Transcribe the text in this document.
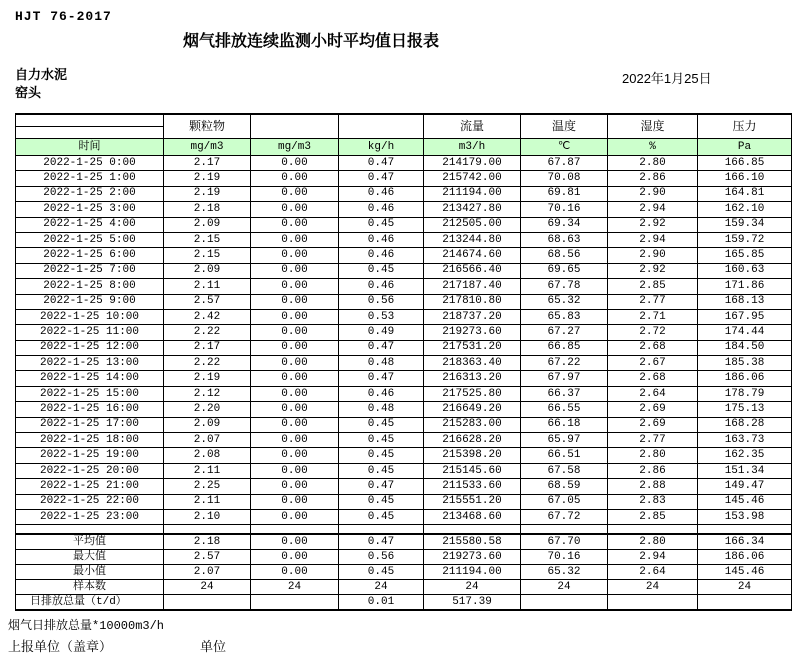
HJT 76-2017
烟气排放连续监测小时平均值日报表
自力水泥
窑头
2022年1月25日
	颗粒物			流量	温度	湿度	压力

时间	mg/m3	mg/m3	kg/h	m3/h	℃	%	Pa
2022-1-25 0:00	2.17	0.00	0.47	214179.00	67.87	2.80	166.85
2022-1-25 1:00	2.19	0.00	0.47	215742.00	70.08	2.86	166.10
2022-1-25 2:00	2.19	0.00	0.46	211194.00	69.81	2.90	164.81
2022-1-25 3:00	2.18	0.00	0.46	213427.80	70.16	2.94	162.10
2022-1-25 4:00	2.09	0.00	0.45	212505.00	69.34	2.92	159.34
2022-1-25 5:00	2.15	0.00	0.46	213244.80	68.63	2.94	159.72
2022-1-25 6:00	2.15	0.00	0.46	214674.60	68.56	2.90	165.85
2022-1-25 7:00	2.09	0.00	0.45	216566.40	69.65	2.92	160.63
2022-1-25 8:00	2.11	0.00	0.46	217187.40	67.78	2.85	171.86
2022-1-25 9:00	2.57	0.00	0.56	217810.80	65.32	2.77	168.13
2022-1-25 10:00	2.42	0.00	0.53	218737.20	65.83	2.71	167.95
2022-1-25 11:00	2.22	0.00	0.49	219273.60	67.27	2.72	174.44
2022-1-25 12:00	2.17	0.00	0.47	217531.20	66.85	2.68	184.50
2022-1-25 13:00	2.22	0.00	0.48	218363.40	67.22	2.67	185.38
2022-1-25 14:00	2.19	0.00	0.47	216313.20	67.97	2.68	186.06
2022-1-25 15:00	2.12	0.00	0.46	217525.80	66.37	2.64	178.79
2022-1-25 16:00	2.20	0.00	0.48	216649.20	66.55	2.69	175.13
2022-1-25 17:00	2.09	0.00	0.45	215283.00	66.18	2.69	168.28
2022-1-25 18:00	2.07	0.00	0.45	216628.20	65.97	2.77	163.73
2022-1-25 19:00	2.08	0.00	0.45	215398.20	66.51	2.80	162.35
2022-1-25 20:00	2.11	0.00	0.45	215145.60	67.58	2.86	151.34
2022-1-25 21:00	2.25	0.00	0.47	211533.60	68.59	2.88	149.47
2022-1-25 22:00	2.11	0.00	0.45	215551.20	67.05	2.83	145.46
2022-1-25 23:00	2.10	0.00	0.45	213468.60	67.72	2.85	153.98

平均值	2.18	0.00	0.47	215580.58	67.70	2.80	166.34
最大值	2.57	0.00	0.56	219273.60	70.16	2.94	186.06
最小值	2.07	0.00	0.45	211194.00	65.32	2.64	145.46
样本数	24	24	24	24	24	24	24
日排放总量（t/d）			0.01	517.39			
烟气日排放总量*10000m3/h
上报单位（盖章）	单位
